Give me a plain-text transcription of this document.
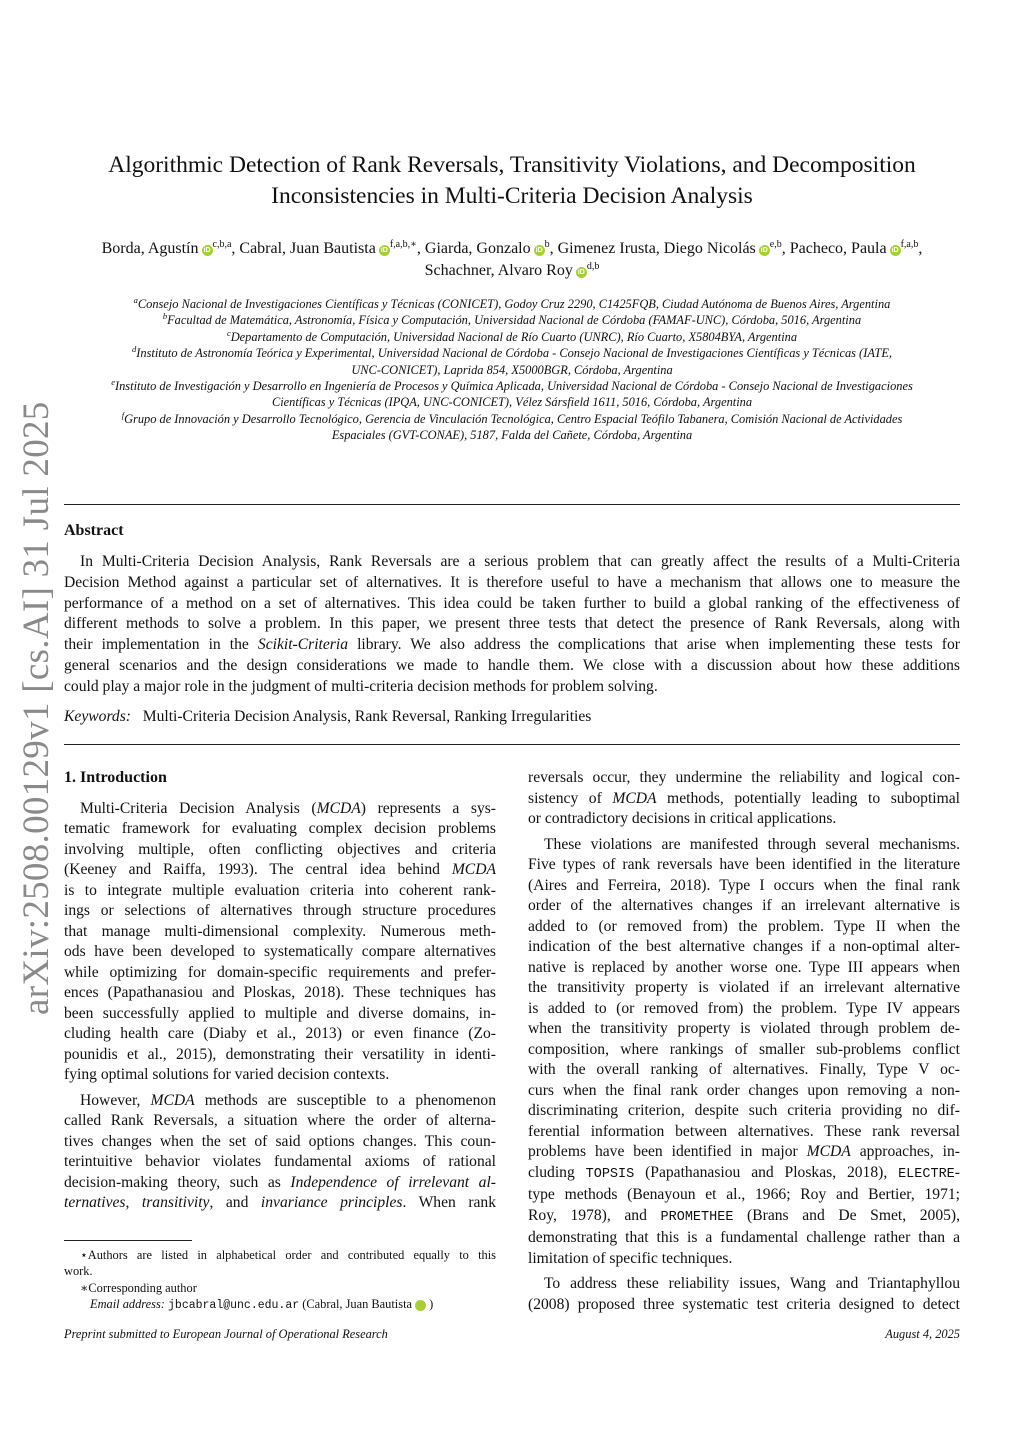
arXiv:2508.00129v1 [cs.AI] 31 Jul 2025
Algorithmic Detection of Rank Reversals, Transitivity Violations, and Decomposition
Inconsistencies in Multi-Criteria Decision Analysis
Borda, Agustín iD$^{c,b,a}$, Cabral, Juan Bautista $iD^{f,a,b,∗}$, Giarda, Gonzalo $iD^b$, Gimenez Irusta, Diego Nicolás iD$^{e,b}$, Pacheco, Paula iD$^{f,a,b}$,
Schachner, Alvaro Roy iD$^{d,b}$
$^a$Consejo Nacional de Investigaciones Científicas y Técnicas (CONICET), Godoy Cruz 2290, C1425FQB, Ciudad Autónoma de Buenos Aires, Argentina
$^b$Facultad de Matemática, Astronomía, Física y Computación, Universidad Nacional de Córdoba (FAMAF-UNC), Córdoba, 5016, Argentina
$^c$Departamento de Computación, Universidad Nacional de Río Cuarto (UNRC), Río Cuarto, X5804BYA, Argentina
$^d$Instituto de Astronomía Teórica y Experimental, Universidad Nacional de Córdoba - Consejo Nacional de Investigaciones Científicas y Técnicas (IATE,
UNC-CONICET), Laprida 854, X5000BGR, Córdoba, Argentina
$^e$Instituto de Investigación y Desarrollo en Ingeniería de Procesos y Química Aplicada, Universidad Nacional de Córdoba - Consejo Nacional de Investigaciones
Científicas y Técnicas (IPQA, UNC-CONICET), Vélez Sársfield 1611, 5016, Córdoba, Argentina
$^f$Grupo de Innovación y Desarrollo Tecnológico, Gerencia de Vinculación Tecnológica, Centro Espacial Teófilo Tabanera, Comisión Nacional de Actividades
Espaciales (GVT-CONAE), 5187, Falda del Cañete, Córdoba, Argentina
Abstract
In Multi-Criteria Decision Analysis, Rank Reversals are a serious problem that can greatly affect the results of a Multi-Criteria
Decision Method against a particular set of alternatives. It is therefore useful to have a mechanism that allows one to measure the
performance of a method on a set of alternatives. This idea could be taken further to build a global ranking of the effectiveness of
different methods to solve a problem. In this paper, we present three tests that detect the presence of Rank Reversals, along with
their implementation in the Scikit-Criteria library. We also address the complications that arise when implementing these tests for
general scenarios and the design considerations we made to handle them. We close with a discussion about how these additions
could play a major role in the judgment of multi-criteria decision methods for problem solving.
Keywords: Multi-Criteria Decision Analysis, Rank Reversal, Ranking Irregularities
1. Introduction
Multi-Criteria Decision Analysis (MCDA) represents a sys-
tematic framework for evaluating complex decision problems
involving multiple, often conflicting objectives and criteria
(Keeney and Raiffa, 1993). The central idea behind MCDA
is to integrate multiple evaluation criteria into coherent rank-
ings or selections of alternatives through structure procedures
that manage multi-dimensional complexity. Numerous meth-
ods have been developed to systematically compare alternatives
while optimizing for domain-specific requirements and prefer-
ences (Papathanasiou and Ploskas, 2018). These techniques has
been successfully applied to multiple and diverse domains, in-
cluding health care (Diaby et al., 2013) or even finance (Zo-
pounidis et al., 2015), demonstrating their versatility in identi-
fying optimal solutions for varied decision contexts.
However, MCDA methods are susceptible to a phenomenon
called Rank Reversals, a situation where the order of alterna-
tives changes when the set of said options changes. This coun-
terintuitive behavior violates fundamental axioms of rational
decision-making theory, such as Independence of irrelevant al-
ternatives, transitivity, and invariance principles. When rank
reversals occur, they undermine the reliability and logical con-
sistency of MCDA methods, potentially leading to suboptimal
or contradictory decisions in critical applications.
These violations are manifested through several mechanisms.
Five types of rank reversals have been identified in the literature
(Aires and Ferreira, 2018). Type I occurs when the final rank
order of the alternatives changes if an irrelevant alternative is
added to (or removed from) the problem. Type II when the
indication of the best alternative changes if a non-optimal alter-
native is replaced by another worse one. Type III appears when
the transitivity property is violated if an irrelevant alternative
is added to (or removed from) the problem. Type IV appears
when the transitivity property is violated through problem de-
composition, where rankings of smaller sub-problems conflict
with the overall ranking of alternatives. Finally, Type V oc-
curs when the final rank order changes upon removing a non-
discriminating criterion, despite such criteria providing no dif-
ferential information between alternatives. These rank reversal
problems have been identified in major MCDA approaches, in-
cluding TOPSIS (Papathanasiou and Ploskas, 2018), ELECTRE-
type methods (Benayoun et al., 1966; Roy and Bertier, 1971;
Roy, 1978), and PROMETHEE (Brans and De Smet, 2005),
demonstrating that this is a fundamental challenge rather than a
limitation of specific techniques.
To address these reliability issues, Wang and Triantaphyllou
(2008) proposed three systematic test criteria designed to detect
⋆Authors are listed in alphabetical order and contributed equally to this
work.
∗Corresponding author
Email address: jbcabral@unc.edu.ar (Cabral, Juan Bautista	iD )
Preprint submitted to European Journal of Operational Research	August 4, 2025
